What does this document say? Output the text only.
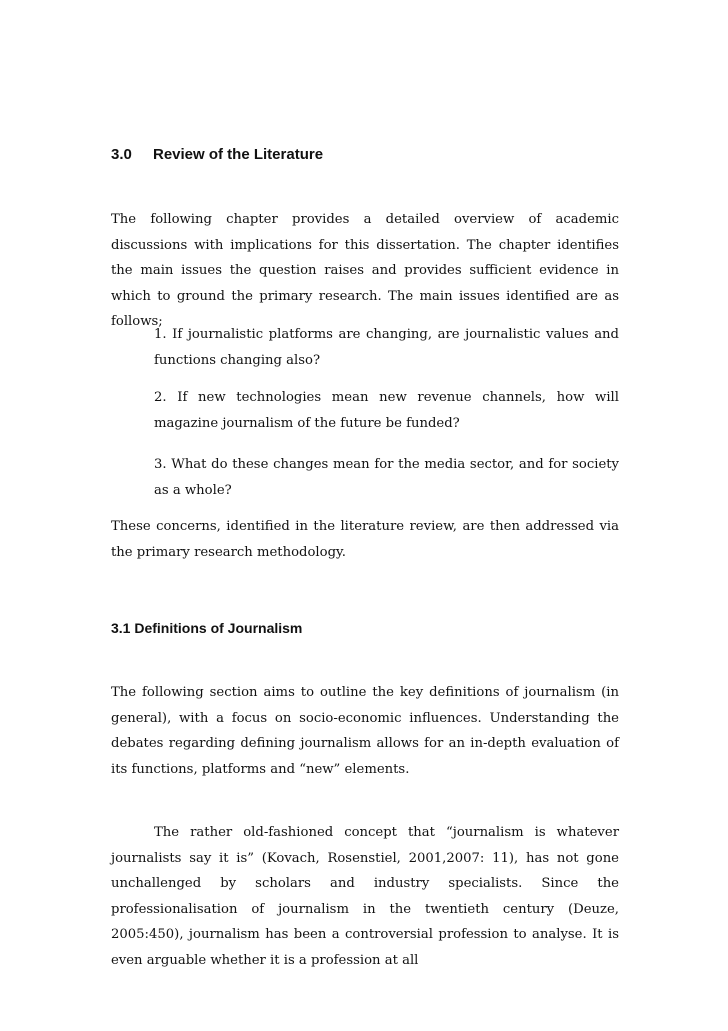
3.0 Review of the Literature

The following chapter provides a detailed overview of academic discussions with implications for this dissertation. The chapter identifies the main issues the question raises and provides sufficient evidence in which to ground the primary research. The main issues identified are as follows;

1. If journalistic platforms are changing, are journalistic values and functions changing also?

2. If new technologies mean new revenue channels, how will magazine journalism of the future be funded?

3. What do these changes mean for the media sector, and for society as a whole?

These concerns, identified in the literature review, are then addressed via the primary research methodology.

3.1 Definitions of Journalism

The following section aims to outline the key definitions of journalism (in general), with a focus on socio-economic influences. Understanding the debates regarding defining journalism allows for an in-depth evaluation of its functions, platforms and “new” elements.

The rather old-fashioned concept that “journalism is whatever journalists say it is” (Kovach, Rosenstiel, 2001,2007: 11), has not gone unchallenged by scholars and industry specialists. Since the professionalisation of journalism in the twentieth century (Deuze, 2005:450), journalism has been a controversial profession to analyse. It is even arguable whether it is a profession at all
